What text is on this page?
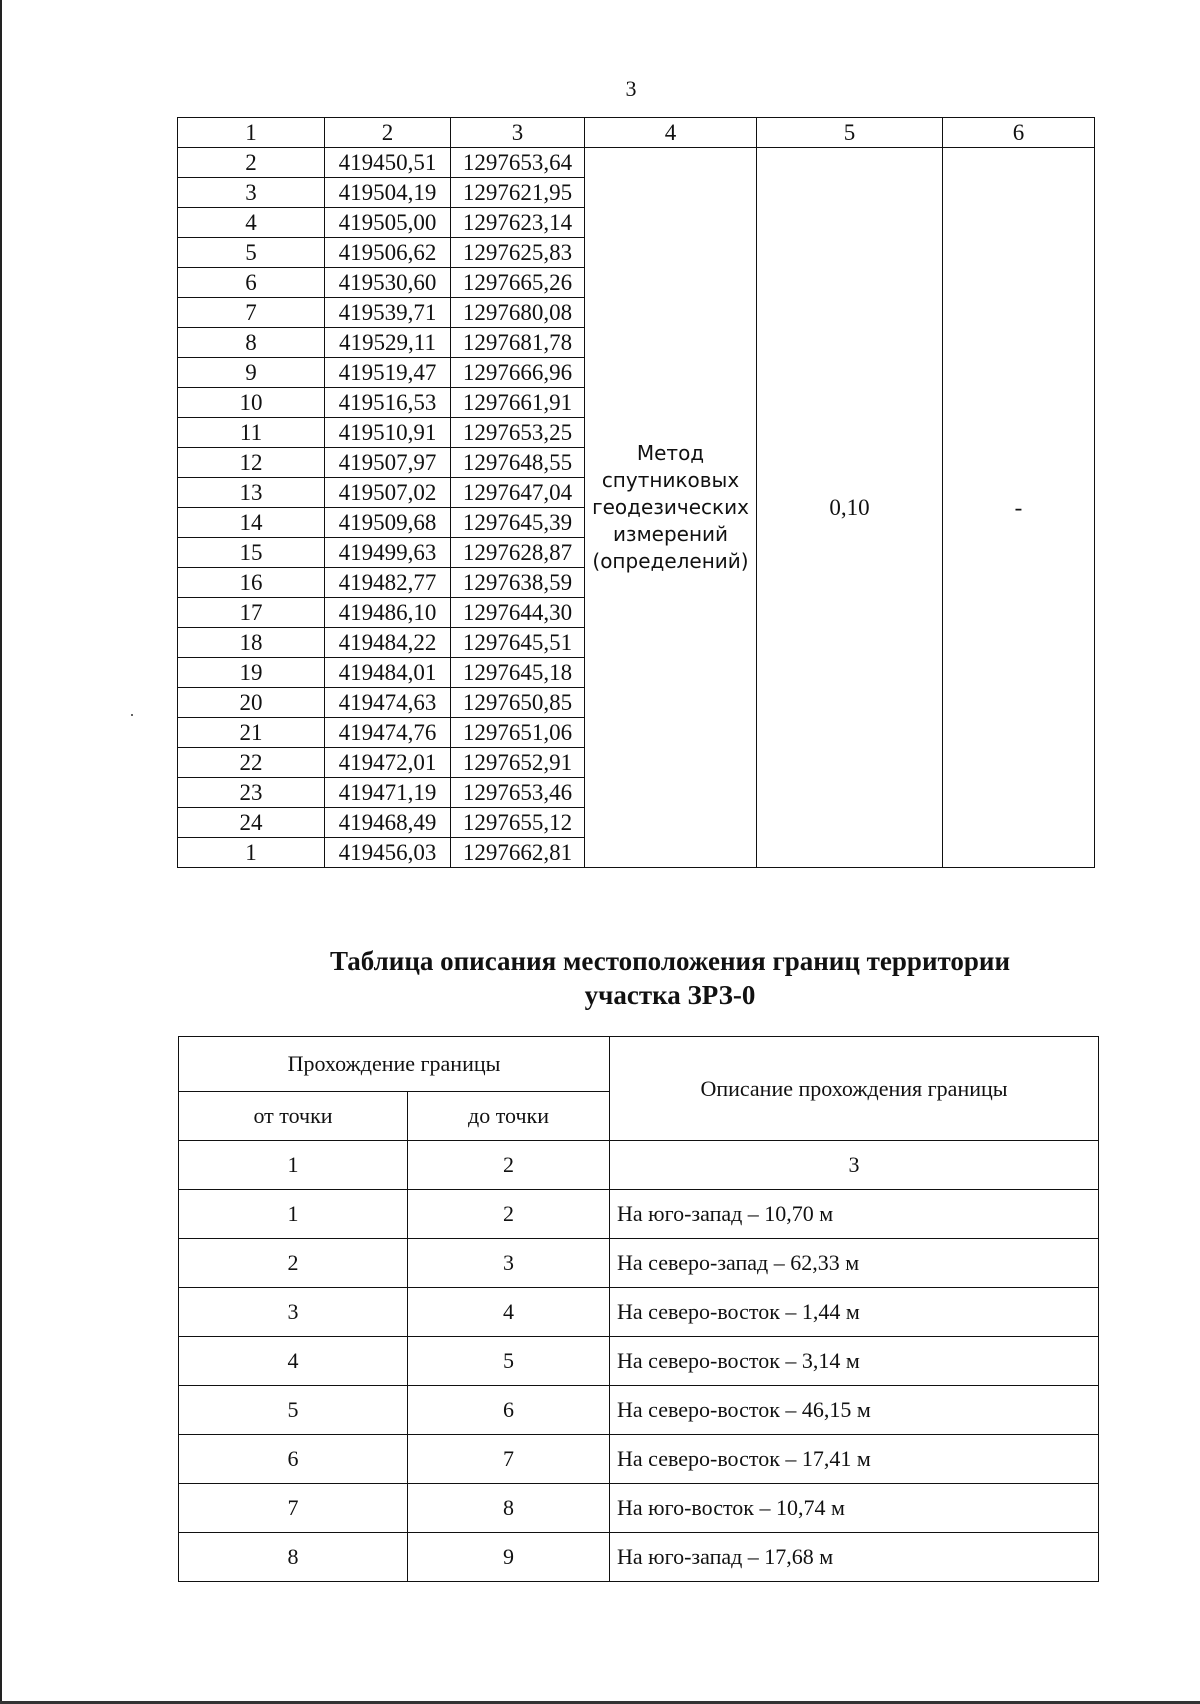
3
1	2	3	4	5	6
2	419450,51	1297653,64	Метод
спутниковых
геодезических
измерений
(определений)	0,10	-
3	419504,19	1297621,95			
4	419505,00	1297623,14			
5	419506,62	1297625,83			
6	419530,60	1297665,26			
7	419539,71	1297680,08			
8	419529,11	1297681,78			
9	419519,47	1297666,96			
10	419516,53	1297661,91			
11	419510,91	1297653,25			
12	419507,97	1297648,55			
13	419507,02	1297647,04			
14	419509,68	1297645,39			
15	419499,63	1297628,87			
16	419482,77	1297638,59			
17	419486,10	1297644,30			
18	419484,22	1297645,51			
19	419484,01	1297645,18			
20	419474,63	1297650,85			
21	419474,76	1297651,06			
22	419472,01	1297652,91			
23	419471,19	1297653,46			
24	419468,49	1297655,12			
1	419456,03	1297662,81			
Таблица описания местоположения границ территории
участка ЗРЗ-0
Прохождение границы		Описание прохождения границы
от точки	до точки	
1	2	3
1	2	На юго-запад – 10,70 м
2	3	На северо-запад – 62,33 м
3	4	На северо-восток – 1,44 м
4	5	На северо-восток – 3,14 м
5	6	На северо-восток – 46,15 м
6	7	На северо-восток – 17,41 м
7	8	На юго-восток – 10,74 м
8	9	На юго-запад – 17,68 м
